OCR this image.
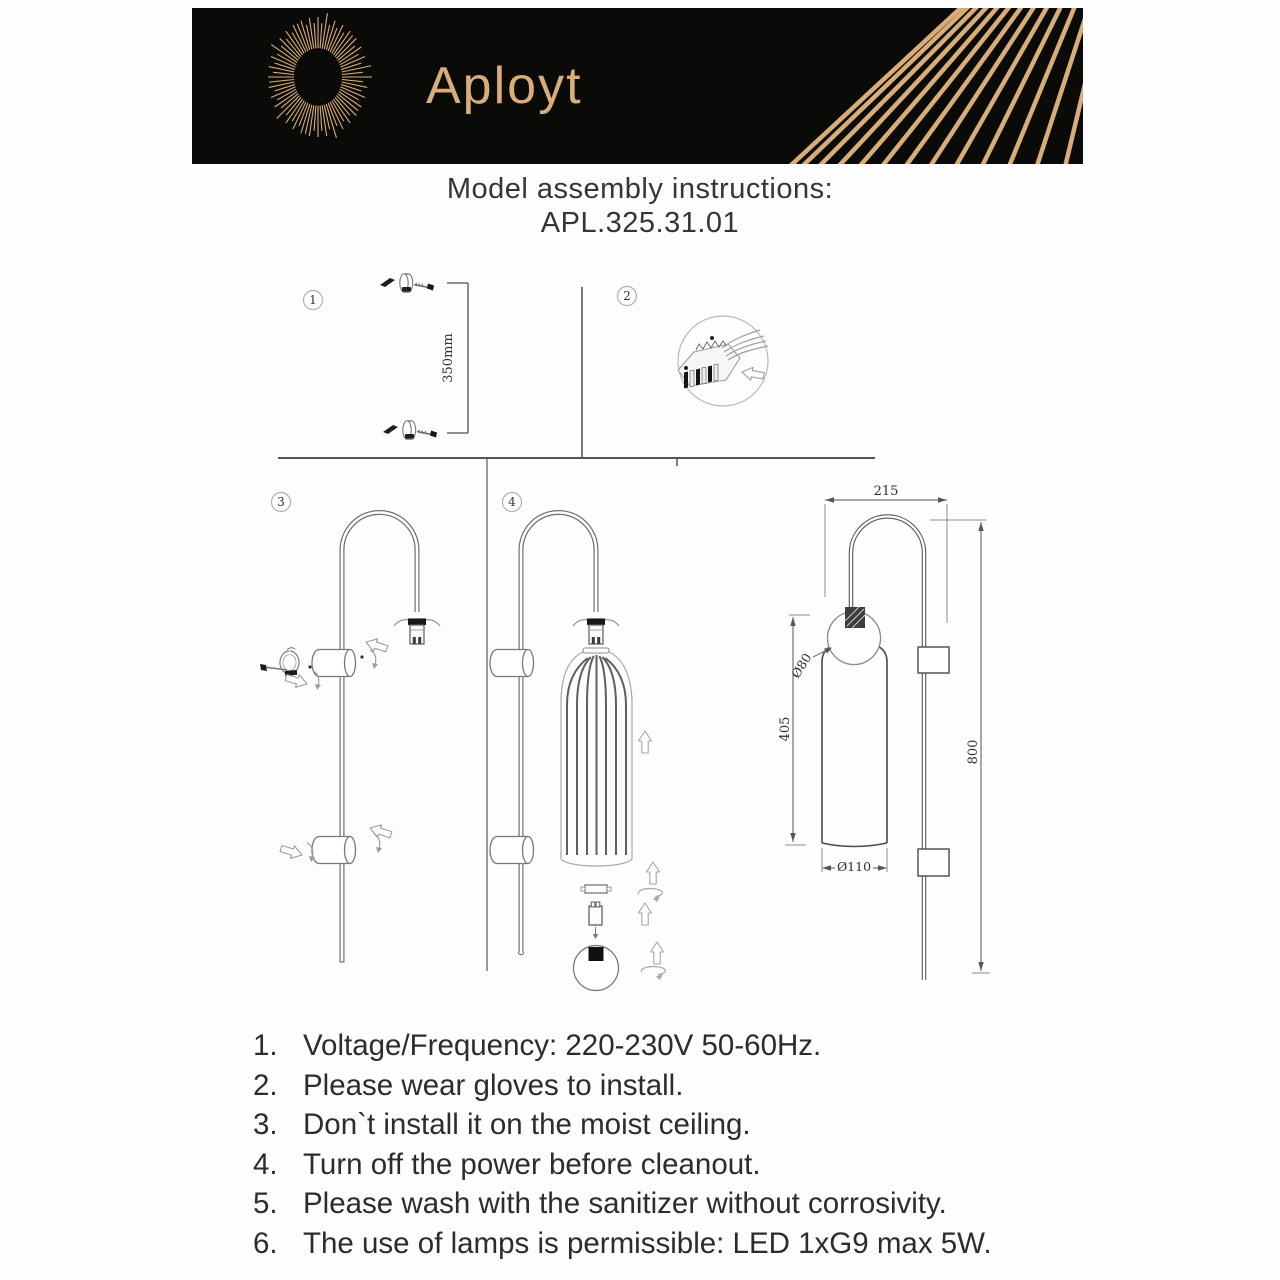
Aployt
Model assembly instructions:
APL.325.31.01
1	2
3	4
350mm
215
800
405
Ø80
Ø110
1. Voltage/Frequency: 220-230V 50-60Hz.
2. Please wear gloves to install.
3. Don`t install it on the moist ceiling.
4. Turn off the power before cleanout.
5. Please wash with the sanitizer without corrosivity.
6. The use of lamps is permissible: LED 1xG9 max 5W.
